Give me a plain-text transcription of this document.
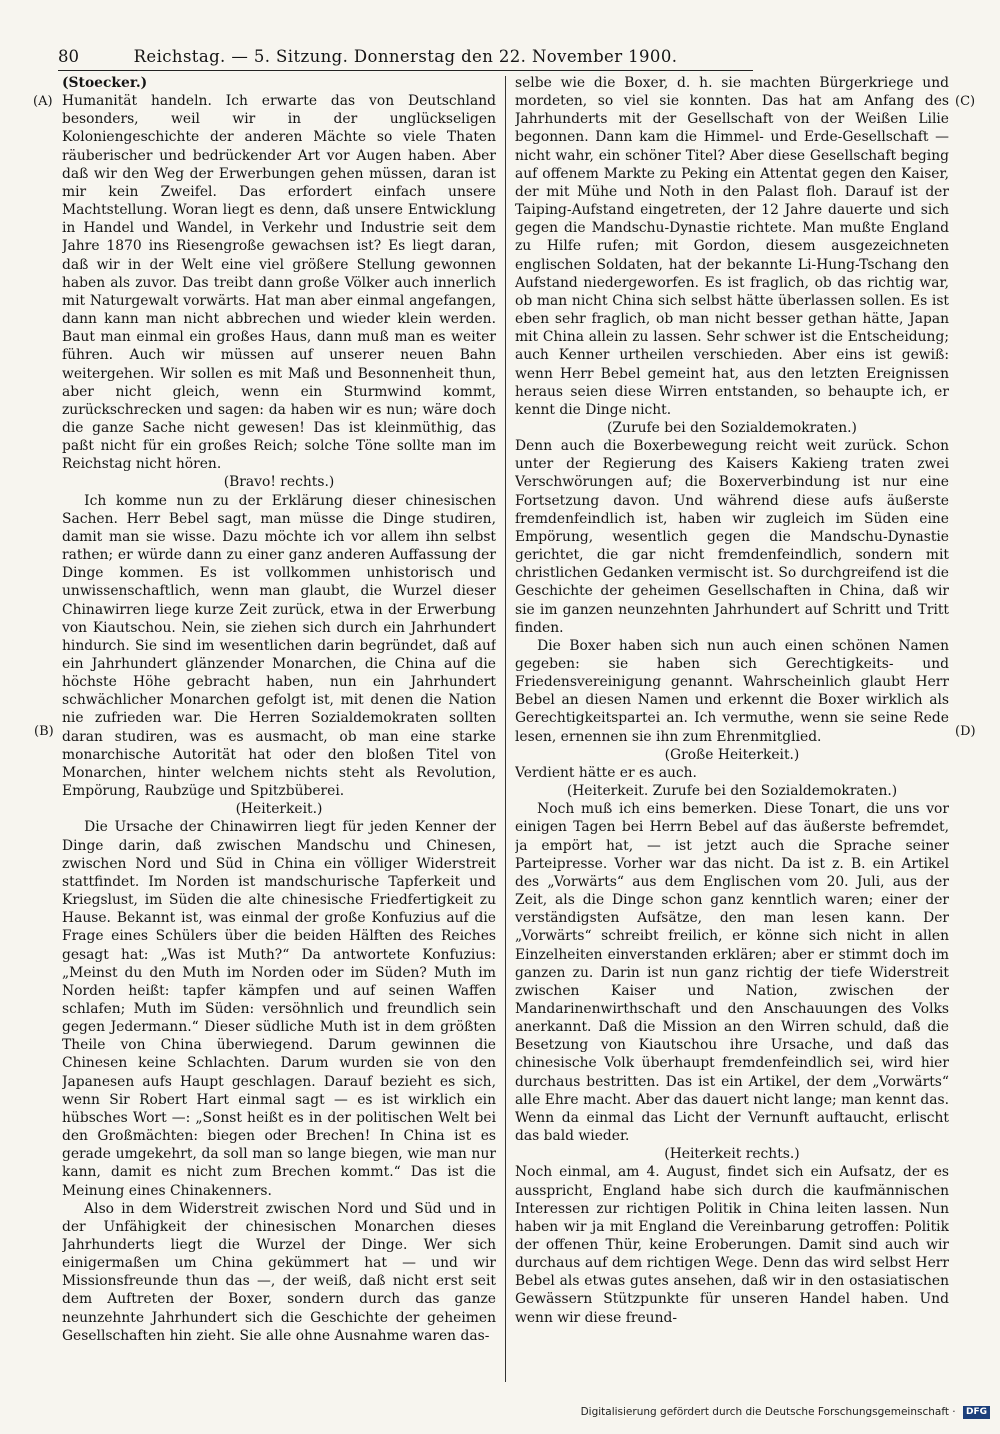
80	Reichstag. — 5. Sitzung. Donnerstag den 22. November 1900.
(A)
(B)
(C)
(D)

(Stoecker.)

Humanität handeln. Ich erwarte das von Deutschland besonders, weil wir in der unglückseligen Koloniengeschichte der anderen Mächte so viele Thaten räuberischer und bedrückender Art vor Augen haben. Aber daß wir den Weg der Erwerbungen gehen müssen, daran ist mir kein Zweifel. Das erfordert einfach unsere Machtstellung. Woran liegt es denn, daß unsere Entwicklung in Handel und Wandel, in Verkehr und Industrie seit dem Jahre 1870 ins Riesengroße gewachsen ist? Es liegt daran, daß wir in der Welt eine viel größere Stellung gewonnen haben als zuvor. Das treibt dann große Völker auch innerlich mit Naturgewalt vorwärts. Hat man aber einmal angefangen, dann kann man nicht abbrechen und wieder klein werden. Baut man einmal ein großes Haus, dann muß man es weiter führen. Auch wir müssen auf unserer neuen Bahn weitergehen. Wir sollen es mit Maß und Besonnenheit thun, aber nicht gleich, wenn ein Sturmwind kommt, zurückschrecken und sagen: da haben wir es nun; wäre doch die ganze Sache nicht gewesen! Das ist kleinmüthig, das paßt nicht für ein großes Reich; solche Töne sollte man im Reichstag nicht hören.

(Bravo! rechts.)

Ich komme nun zu der Erklärung dieser chinesischen Sachen. Herr Bebel sagt, man müsse die Dinge studiren, damit man sie wisse. Dazu möchte ich vor allem ihn selbst rathen; er würde dann zu einer ganz anderen Auffassung der Dinge kommen. Es ist vollkommen unhistorisch und unwissenschaftlich, wenn man glaubt, die Wurzel dieser Chinawirren liege kurze Zeit zurück, etwa in der Erwerbung von Kiautschou. Nein, sie ziehen sich durch ein Jahrhundert hindurch. Sie sind im wesentlichen darin begründet, daß auf ein Jahrhundert glänzender Monarchen, die China auf die höchste Höhe gebracht haben, nun ein Jahrhundert schwächlicher Monarchen gefolgt ist, mit denen die Nation nie zufrieden war. Die Herren Sozialdemokraten sollten daran studiren, was es ausmacht, ob man eine starke monarchische Autorität hat oder den bloßen Titel von Monarchen, hinter welchem nichts steht als Revolution, Empörung, Raubzüge und Spitzbüberei.

(Heiterkeit.)

Die Ursache der Chinawirren liegt für jeden Kenner der Dinge darin, daß zwischen Mandschu und Chinesen, zwischen Nord und Süd in China ein völliger Widerstreit stattfindet. Im Norden ist mandschurische Tapferkeit und Kriegslust, im Süden die alte chinesische Friedfertigkeit zu Hause. Bekannt ist, was einmal der große Konfuzius auf die Frage eines Schülers über die beiden Hälften des Reiches gesagt hat: „Was ist Muth?“ Da antwortete Konfuzius: „Meinst du den Muth im Norden oder im Süden? Muth im Norden heißt: tapfer kämpfen und auf seinen Waffen schlafen; Muth im Süden: versöhnlich und freundlich sein gegen Jedermann.“ Dieser südliche Muth ist in dem größten Theile von China überwiegend. Darum gewinnen die Chinesen keine Schlachten. Darum wurden sie von den Japanesen aufs Haupt geschlagen. Darauf bezieht es sich, wenn Sir Robert Hart einmal sagt — es ist wirklich ein hübsches Wort —: „Sonst heißt es in der politischen Welt bei den Großmächten: biegen oder Brechen! In China ist es gerade umgekehrt, da soll man so lange biegen, wie man nur kann, damit es nicht zum Brechen kommt.“ Das ist die Meinung eines Chinakenners.

Also in dem Widerstreit zwischen Nord und Süd und in der Unfähigkeit der chinesischen Monarchen dieses Jahrhunderts liegt die Wurzel der Dinge. Wer sich einigermaßen um China gekümmert hat — und wir Missionsfreunde thun das —, der weiß, daß nicht erst seit dem Auftreten der Boxer, sondern durch das ganze neunzehnte Jahrhundert sich die Geschichte der geheimen Gesellschaften hin zieht. Sie alle ohne Ausnahme waren das-

selbe wie die Boxer, d. h. sie machten Bürgerkriege und mordeten, so viel sie konnten. Das hat am Anfang des Jahrhunderts mit der Gesellschaft von der Weißen Lilie begonnen. Dann kam die Himmel- und Erde-Gesellschaft — nicht wahr, ein schöner Titel? Aber diese Gesellschaft beging auf offenem Markte zu Peking ein Attentat gegen den Kaiser, der mit Mühe und Noth in den Palast floh. Darauf ist der Taiping-Aufstand eingetreten, der 12 Jahre dauerte und sich gegen die Mandschu-Dynastie richtete. Man mußte England zu Hilfe rufen; mit Gordon, diesem ausgezeichneten englischen Soldaten, hat der bekannte Li-Hung-Tschang den Aufstand niedergeworfen. Es ist fraglich, ob das richtig war, ob man nicht China sich selbst hätte überlassen sollen. Es ist eben sehr fraglich, ob man nicht besser gethan hätte, Japan mit China allein zu lassen. Sehr schwer ist die Entscheidung; auch Kenner urtheilen verschieden. Aber eins ist gewiß: wenn Herr Bebel gemeint hat, aus den letzten Ereignissen heraus seien diese Wirren entstanden, so behaupte ich, er kennt die Dinge nicht.

(Zurufe bei den Sozialdemokraten.)

Denn auch die Boxerbewegung reicht weit zurück. Schon unter der Regierung des Kaisers Kakieng traten zwei Verschwörungen auf; die Boxerverbindung ist nur eine Fortsetzung davon. Und während diese aufs äußerste fremdenfeindlich ist, haben wir zugleich im Süden eine Empörung, wesentlich gegen die Mandschu-Dynastie gerichtet, die gar nicht fremdenfeindlich, sondern mit christlichen Gedanken vermischt ist. So durchgreifend ist die Geschichte der geheimen Gesellschaften in China, daß wir sie im ganzen neunzehnten Jahrhundert auf Schritt und Tritt finden.

Die Boxer haben sich nun auch einen schönen Namen gegeben: sie haben sich Gerechtigkeits- und Friedensvereinigung genannt. Wahrscheinlich glaubt Herr Bebel an diesen Namen und erkennt die Boxer wirklich als Gerechtigkeitspartei an. Ich vermuthe, wenn sie seine Rede lesen, ernennen sie ihn zum Ehrenmitglied.

(Große Heiterkeit.)

Verdient hätte er es auch.

(Heiterkeit. Zurufe bei den Sozialdemokraten.)

Noch muß ich eins bemerken. Diese Tonart, die uns vor einigen Tagen bei Herrn Bebel auf das äußerste befremdet, ja empört hat, — ist jetzt auch die Sprache seiner Parteipresse. Vorher war das nicht. Da ist z. B. ein Artikel des „Vorwärts“ aus dem Englischen vom 20. Juli, aus der Zeit, als die Dinge schon ganz kenntlich waren; einer der verständigsten Aufsätze, den man lesen kann. Der „Vorwärts“ schreibt freilich, er könne sich nicht in allen Einzelheiten einverstanden erklären; aber er stimmt doch im ganzen zu. Darin ist nun ganz richtig der tiefe Widerstreit zwischen Kaiser und Nation, zwischen der Mandarinenwirthschaft und den Anschauungen des Volks anerkannt. Daß die Mission an den Wirren schuld, daß die Besetzung von Kiautschou ihre Ursache, und daß das chinesische Volk überhaupt fremdenfeindlich sei, wird hier durchaus bestritten. Das ist ein Artikel, der dem „Vorwärts“ alle Ehre macht. Aber das dauert nicht lange; man kennt das. Wenn da einmal das Licht der Vernunft auftaucht, erlischt das bald wieder.

(Heiterkeit rechts.)

Noch einmal, am 4. August, findet sich ein Aufsatz, der es ausspricht, England habe sich durch die kaufmännischen Interessen zur richtigen Politik in China leiten lassen. Nun haben wir ja mit England die Vereinbarung getroffen: Politik der offenen Thür, keine Eroberungen. Damit sind auch wir durchaus auf dem richtigen Wege. Denn das wird selbst Herr Bebel als etwas gutes ansehen, daß wir in den ostasiatischen Gewässern Stützpunkte für unseren Handel haben. Und wenn wir diese freund-

Digitalisierung gefördert durch die Deutsche Forschungsgemeinschaft · DFG
